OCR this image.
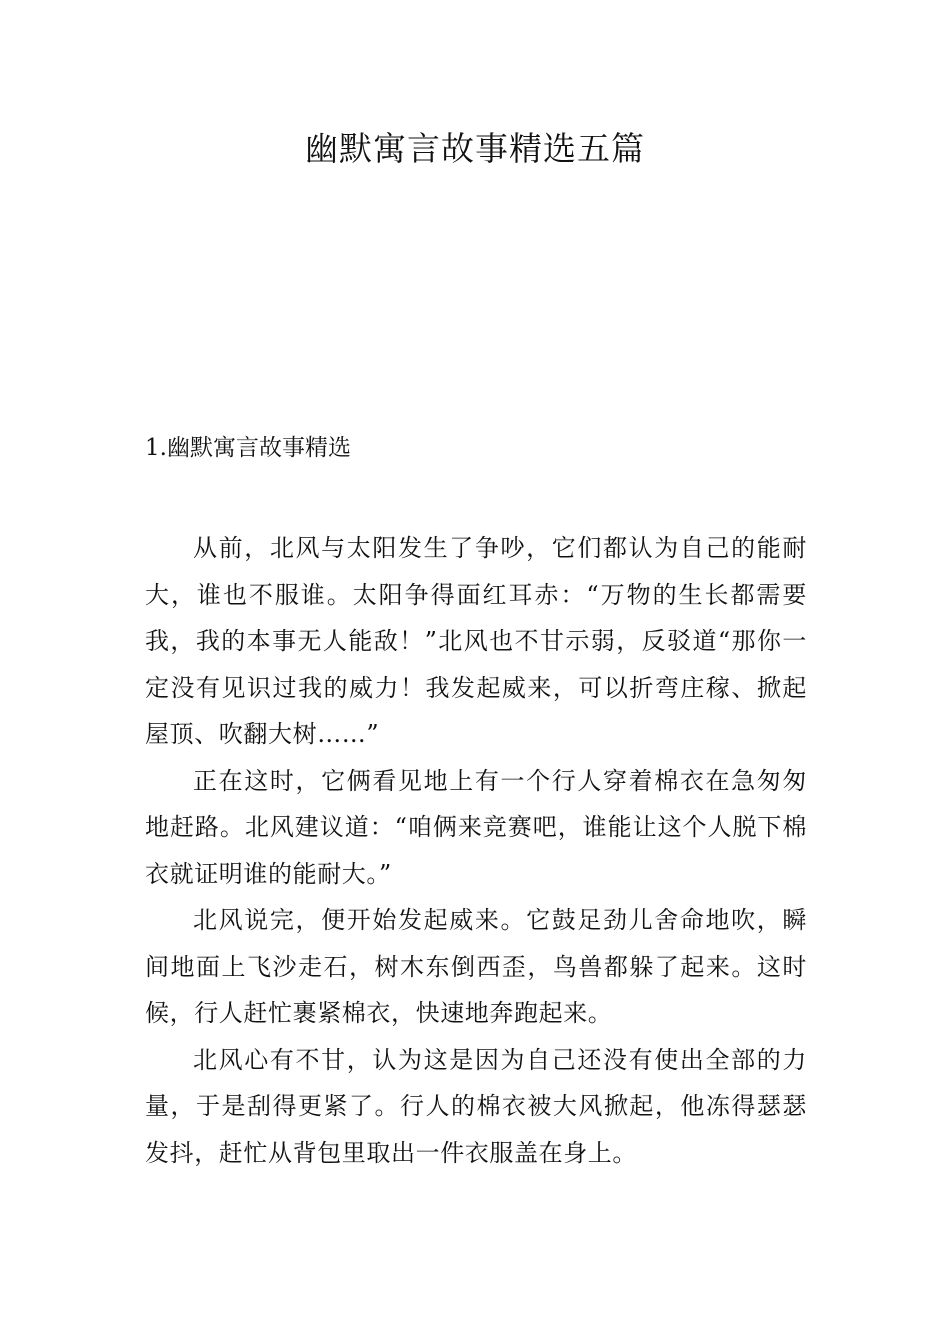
幽默寓言故事精选五篇
1.幽默寓言故事精选

从前，北风与太阳发生了争吵，它们都认为自己的能耐大，谁也不服谁。太阳争得面红耳赤：“万物的生长都需要我，我的本事无人能敌！”北风也不甘示弱，反驳道“那你一定没有见识过我的威力！我发起威来，可以折弯庄稼、掀起屋顶、吹翻大树……”

正在这时，它俩看见地上有一个行人穿着棉衣在急匆匆地赶路。北风建议道：“咱俩来竞赛吧，谁能让这个人脱下棉衣就证明谁的能耐大。”

北风说完，便开始发起威来。它鼓足劲儿舍命地吹，瞬间地面上飞沙走石，树木东倒西歪，鸟兽都躲了起来。这时候，行人赶忙裹紧棉衣，快速地奔跑起来。

北风心有不甘，认为这是因为自己还没有使出全部的力量，于是刮得更紧了。行人的棉衣被大风掀起，他冻得瑟瑟发抖，赶忙从背包里取出一件衣服盖在身上。
